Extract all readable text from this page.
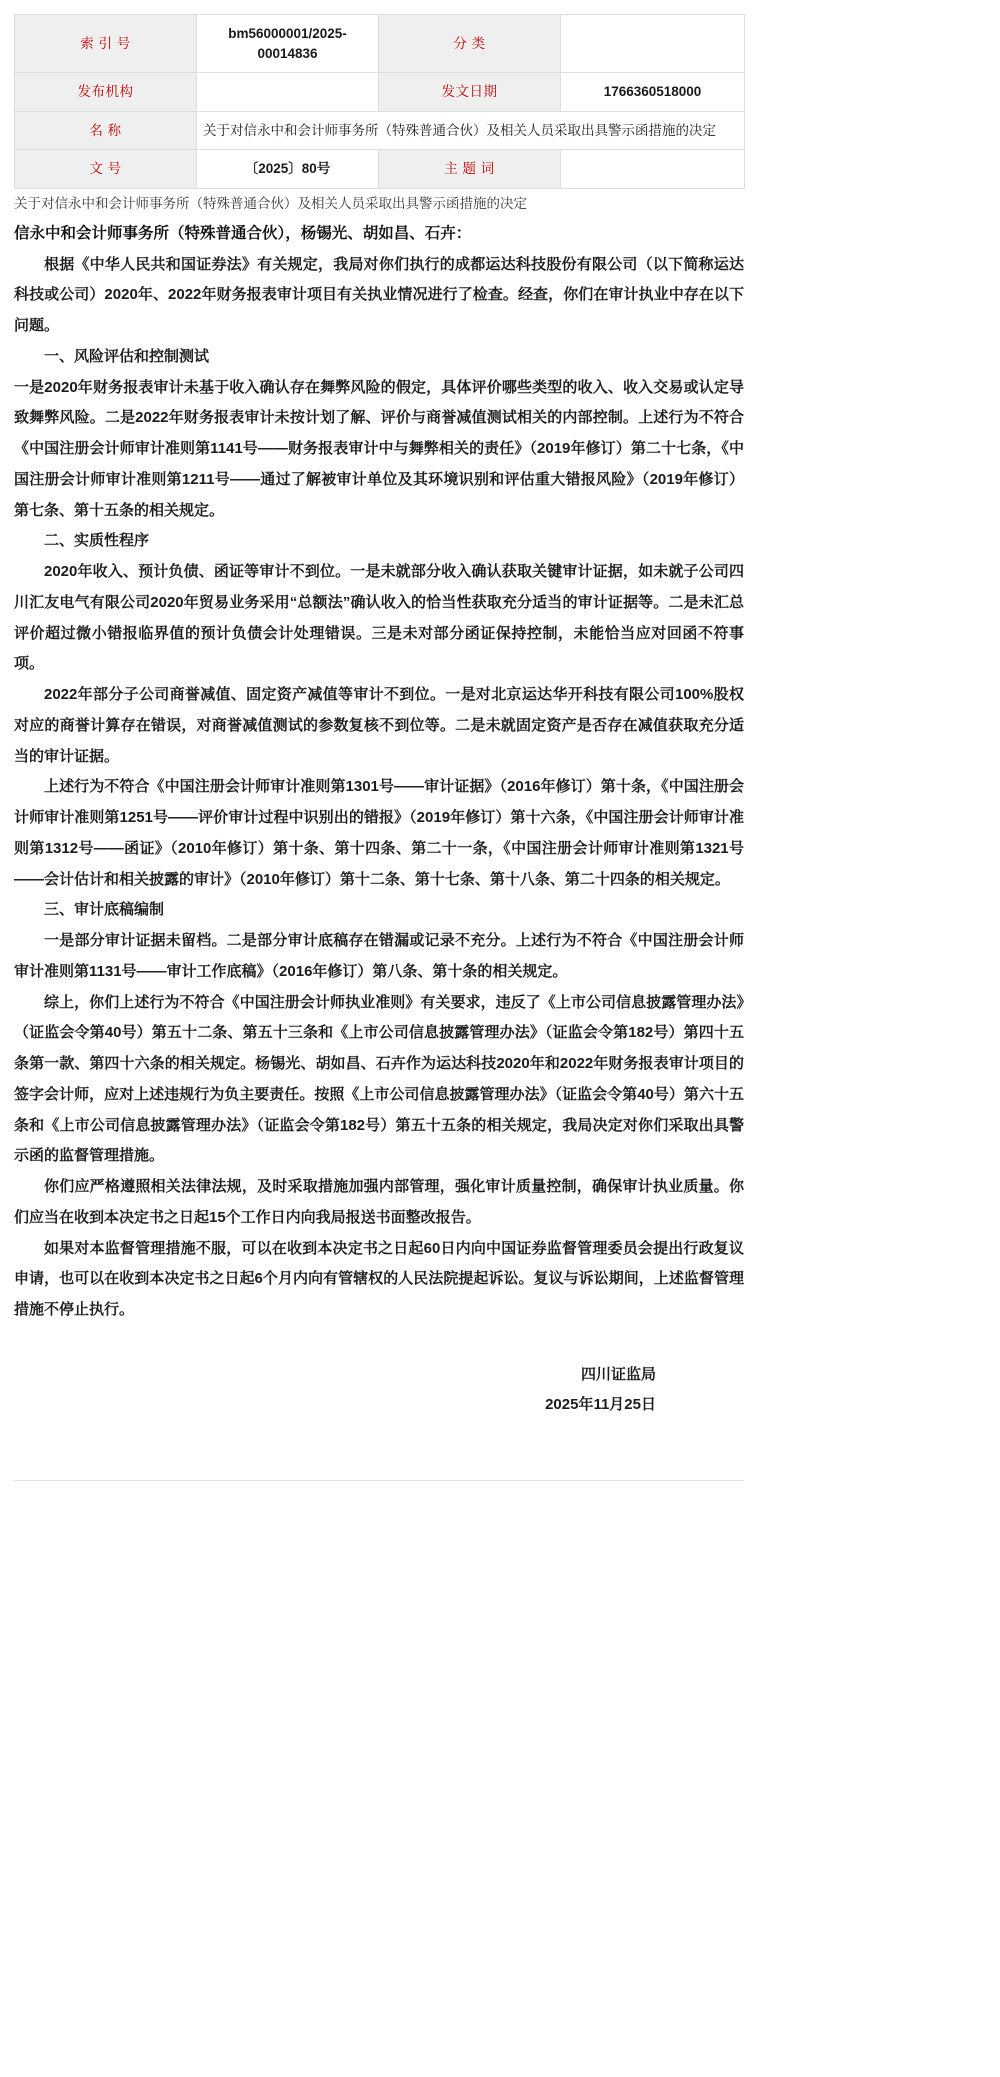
索 引 号	bm56000001/2025-00014836	分 类	
发布机构		发文日期	1766360518000
名 称	关于对信永中和会计师事务所（特殊普通合伙）及相关人员采取出具警示函措施的决定		
文 号	〔2025〕80号	主 题 词	
关于对信永中和会计师事务所（特殊普通合伙）及相关人员采取出具警示函措施的决定
信永中和会计师事务所（特殊普通合伙），杨锡光、胡如昌、石卉：

根据《中华人民共和国证券法》有关规定，我局对你们执行的成都运达科技股份有限公司（以下简称运达科技或公司）2020年、2022年财务报表审计项目有关执业情况进行了检查。经查，你们在审计执业中存在以下问题。

一、风险评估和控制测试

一是2020年财务报表审计未基于收入确认存在舞弊风险的假定，具体评价哪些类型的收入、收入交易或认定导致舞弊风险。二是2022年财务报表审计未按计划了解、评价与商誉减值测试相关的内部控制。上述行为不符合《中国注册会计师审计准则第1141号——财务报表审计中与舞弊相关的责任》（2019年修订）第二十七条，《中国注册会计师审计准则第1211号——通过了解被审计单位及其环境识别和评估重大错报风险》（2019年修订）第七条、第十五条的相关规定。

二、实质性程序

2020年收入、预计负债、函证等审计不到位。一是未就部分收入确认获取关键审计证据，如未就子公司四川汇友电气有限公司2020年贸易业务采用“总额法”确认收入的恰当性获取充分适当的审计证据等。二是未汇总评价超过微小错报临界值的预计负债会计处理错误。三是未对部分函证保持控制，未能恰当应对回函不符事项。

2022年部分子公司商誉减值、固定资产减值等审计不到位。一是对北京运达华开科技有限公司100%股权对应的商誉计算存在错误，对商誉减值测试的参数复核不到位等。二是未就固定资产是否存在减值获取充分适当的审计证据。

上述行为不符合《中国注册会计师审计准则第1301号——审计证据》（2016年修订）第十条，《中国注册会计师审计准则第1251号——评价审计过程中识别出的错报》（2019年修订）第十六条，《中国注册会计师审计准则第1312号——函证》（2010年修订）第十条、第十四条、第二十一条，《中国注册会计师审计准则第1321号——会计估计和相关披露的审计》（2010年修订）第十二条、第十七条、第十八条、第二十四条的相关规定。

三、审计底稿编制

一是部分审计证据未留档。二是部分审计底稿存在错漏或记录不充分。上述行为不符合《中国注册会计师审计准则第1131号——审计工作底稿》（2016年修订）第八条、第十条的相关规定。

综上，你们上述行为不符合《中国注册会计师执业准则》有关要求，违反了《上市公司信息披露管理办法》（证监会令第40号）第五十二条、第五十三条和《上市公司信息披露管理办法》（证监会令第182号）第四十五条第一款、第四十六条的相关规定。杨锡光、胡如昌、石卉作为运达科技2020年和2022年财务报表审计项目的签字会计师，应对上述违规行为负主要责任。按照《上市公司信息披露管理办法》（证监会令第40号）第六十五条和《上市公司信息披露管理办法》（证监会令第182号）第五十五条的相关规定，我局决定对你们采取出具警示函的监督管理措施。

你们应严格遵照相关法律法规，及时采取措施加强内部管理，强化审计质量控制，确保审计执业质量。你们应当在收到本决定书之日起15个工作日内向我局报送书面整改报告。

如果对本监督管理措施不服，可以在收到本决定书之日起60日内向中国证券监督管理委员会提出行政复议申请，也可以在收到本决定书之日起6个月内向有管辖权的人民法院提起诉讼。复议与诉讼期间，上述监督管理措施不停止执行。

四川证监局
2025年11月25日
